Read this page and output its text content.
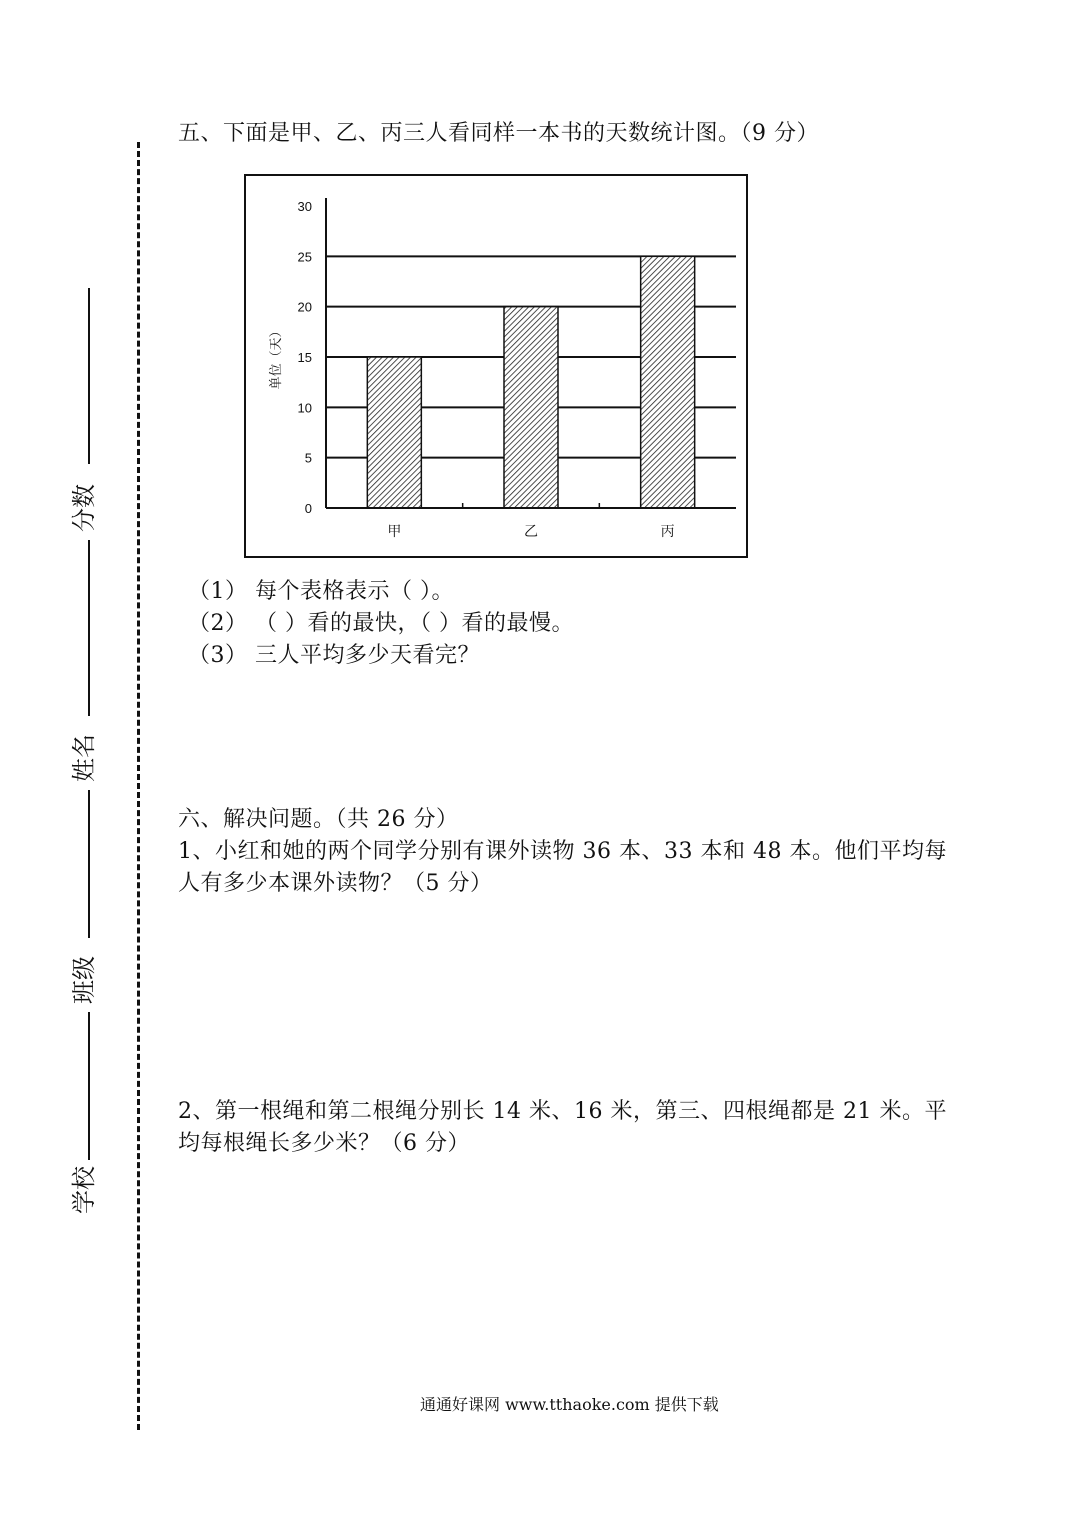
分数
姓名
班级
学校
五、下面是甲、乙、丙三人看同样一本书的天数统计图。（9 分）
0
5
10
15
20
25
30
甲	乙	丙
单位（天）
（1） 每个表格表示（ ）。
（2） （ ）看的最快，（ ）看的最慢。
（3） 三人平均多少天看完？
六、解决问题。（共 26 分）
1、小红和她的两个同学分别有课外读物 36 本、33 本和 48 本。他们平均每
人有多少本课外读物？（5 分）
2、第一根绳和第二根绳分别长 14 米、16 米，第三、四根绳都是 21 米。平
均每根绳长多少米？（6 分）
通通好课网 www.tthaoke.com 提供下载
